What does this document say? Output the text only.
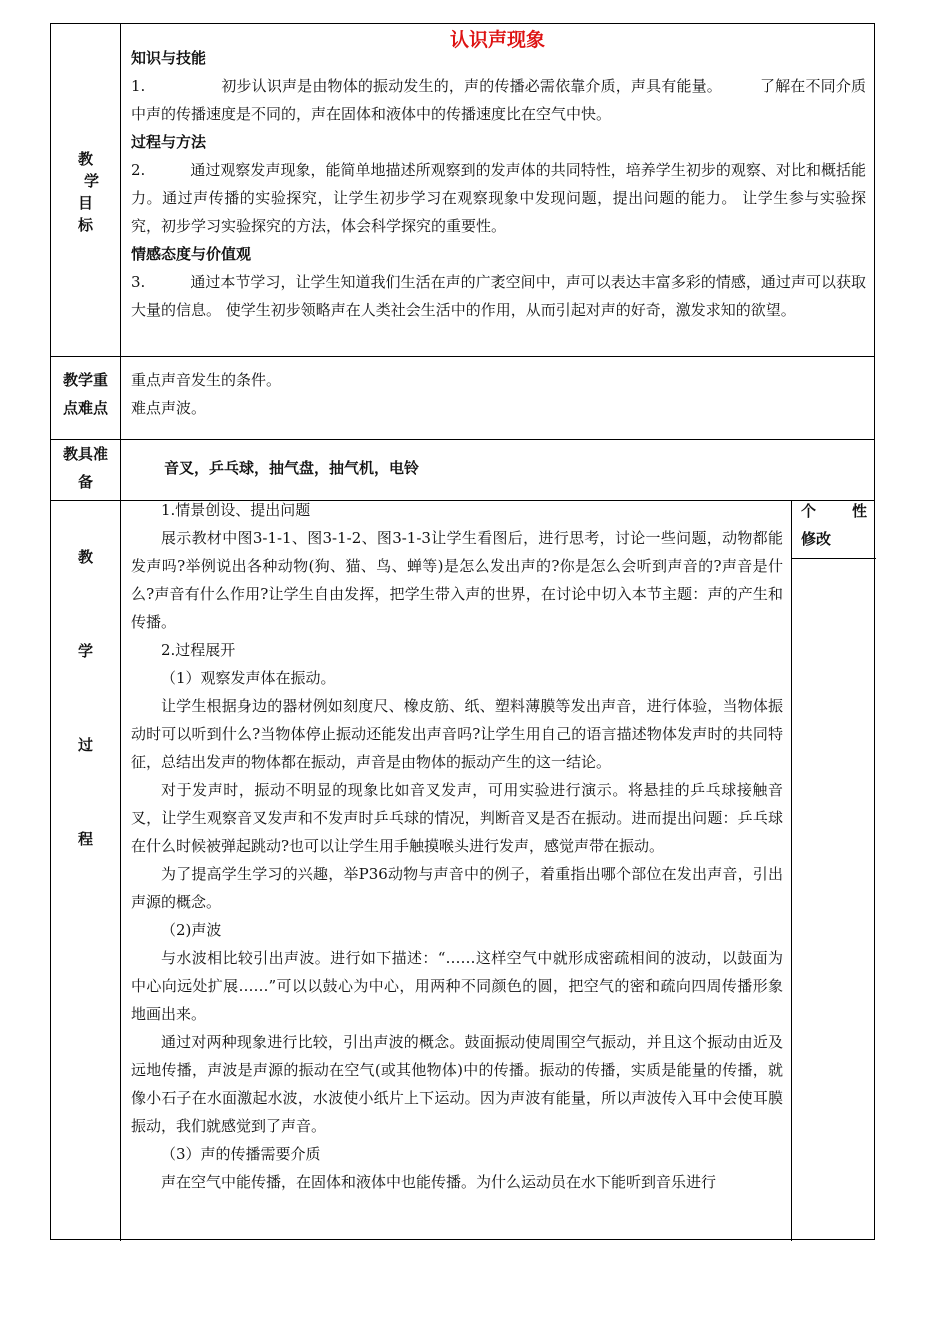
认识声现象
教
学
目
标
知识与技能

1.　　　　　初步认识声是由物体的振动发生的，声的传播必需依靠介质，声具有能量。　　　了解在不同介质中声的传播速度是不同的，声在固体和液体中的传播速度比在空气中快。

过程与方法

2.　　　通过观察发声现象，能简单地描述所观察到的发声体的共同特性，培养学生初步的观察、对比和概括能力。通过声传播的实验探究，让学生初步学习在观察现象中发现问题，提出问题的能力。 让学生参与实验探究，初步学习实验探究的方法，体会科学探究的重要性。

情感态度与价值观

3.　　　通过本节学习，让学生知道我们生活在声的广袤空间中，声可以表达丰富多彩的情感，通过声可以获取大量的信息。 使学生初步领略声在人类社会生活中的作用，从而引起对声的好奇，激发求知的欲望。

教学重
点难点
重点声音发生的条件。
难点声波。
教具准
备
音叉，乒乓球，抽气盘，抽气机，电铃
教
学
过
程
个　　性修改

1.情景创设、提出问题

展示教材中图3-1-1、图3-1-2、图3-1-3让学生看图后，进行思考，讨论一些问题，动物都能发声吗?举例说出各种动物(狗、猫、鸟、蝉等)是怎么发出声的?你是怎么会听到声音的?声音是什么?声音有什么作用?让学生自由发挥，把学生带入声的世界，在讨论中切入本节主题：声的产生和传播。

2.过程展开

（1）观察发声体在振动。

让学生根据身边的器材例如刻度尺、橡皮筋、纸、塑料薄膜等发出声音，进行体验，当物体振动时可以听到什么?当物体停止振动还能发出声音吗?让学生用自己的语言描述物体发声时的共同特征，总结出发声的物体都在振动，声音是由物体的振动产生的这一结论。

对于发声时，振动不明显的现象比如音叉发声，可用实验进行演示。将悬挂的乒乓球接触音叉，让学生观察音叉发声和不发声时乒乓球的情况，判断音叉是否在振动。进而提出问题：乒乓球在什么时候被弹起跳动?也可以让学生用手触摸喉头进行发声，感觉声带在振动。

为了提高学生学习的兴趣，举P36动物与声音中的例子，着重指出哪个部位在发出声音，引出声源的概念。

（2)声波

与水波相比较引出声波。进行如下描述：“……这样空气中就形成密疏相间的波动，以鼓面为中心向远处扩展……”可以以鼓心为中心，用两种不同颜色的圆，把空气的密和疏向四周传播形象地画出来。

通过对两种现象进行比较，引出声波的概念。鼓面振动使周围空气振动，并且这个振动由近及远地传播，声波是声源的振动在空气(或其他物体)中的传播。振动的传播，实质是能量的传播，就像小石子在水面激起水波，水波使小纸片上下运动。因为声波有能量，所以声波传入耳中会使耳膜振动，我们就感觉到了声音。

（3）声的传播需要介质

声在空气中能传播，在固体和液体中也能传播。为什么运动员在水下能听到音乐进行
